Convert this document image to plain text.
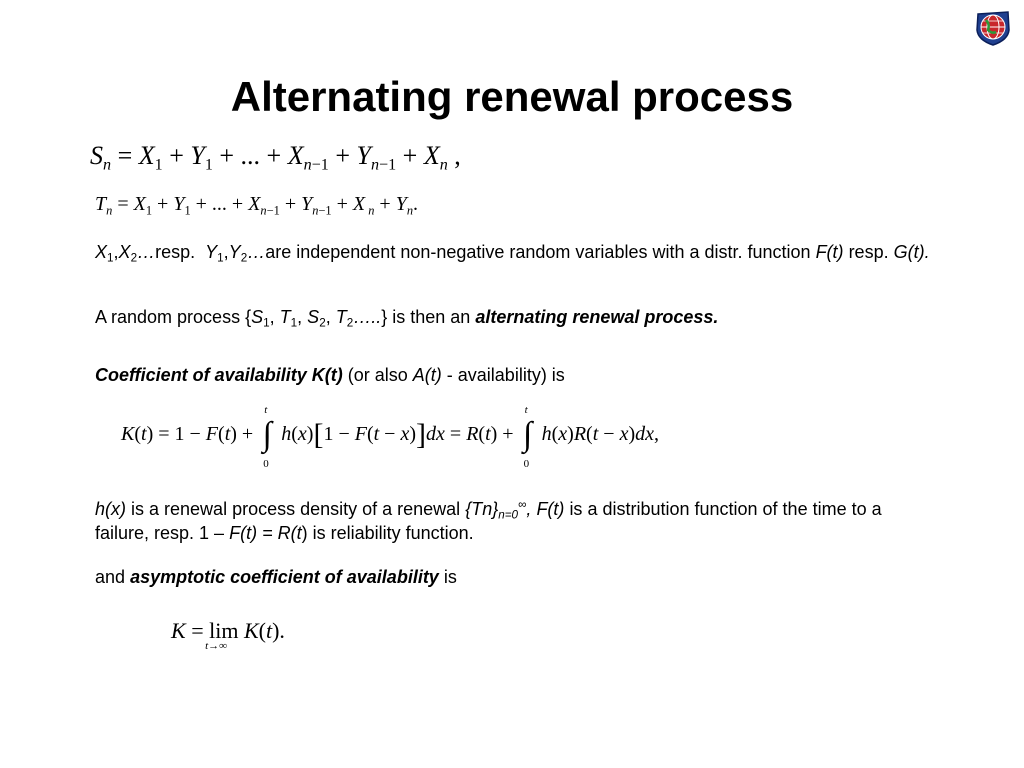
Alternating renewal process
$S_n = X_1 + Y_1$ + ... + $X_{n-1} + Y_{n-1} + X_n$ ,
$T_n = X_1 + Y_1$ + ... + $X_{n-1} + Y_{n-1} + X$ $_n + Y_n$.
$X_1,X_2\dots resp$. $Y_1,Y_2\dots are$ independent non-negative random variables with a distr. function F(t) resp. G(t).
A random process {$S_1$, $T_1$, $S_2$, $T_2\dots$..} is then an alternating renewal process.
Coefficient of availability K(t) (or also A(t) - availability) is
K(t) = 1 − F(t) +
t
∫
0
h(x)[1 − F(t − x)]dx = R(t) +
t
∫
0
h(x)R(t − x)dx,
h(x) is a renewal process density of a renewal $\{Tn\}_{n=0}^\infty$, F(t) is a distribution function of the time to a failure, resp. 1 – F(t) = R(t) is reliability function.
and asymptotic coefficient of availability is
K = lim
t→∞
K(t).
